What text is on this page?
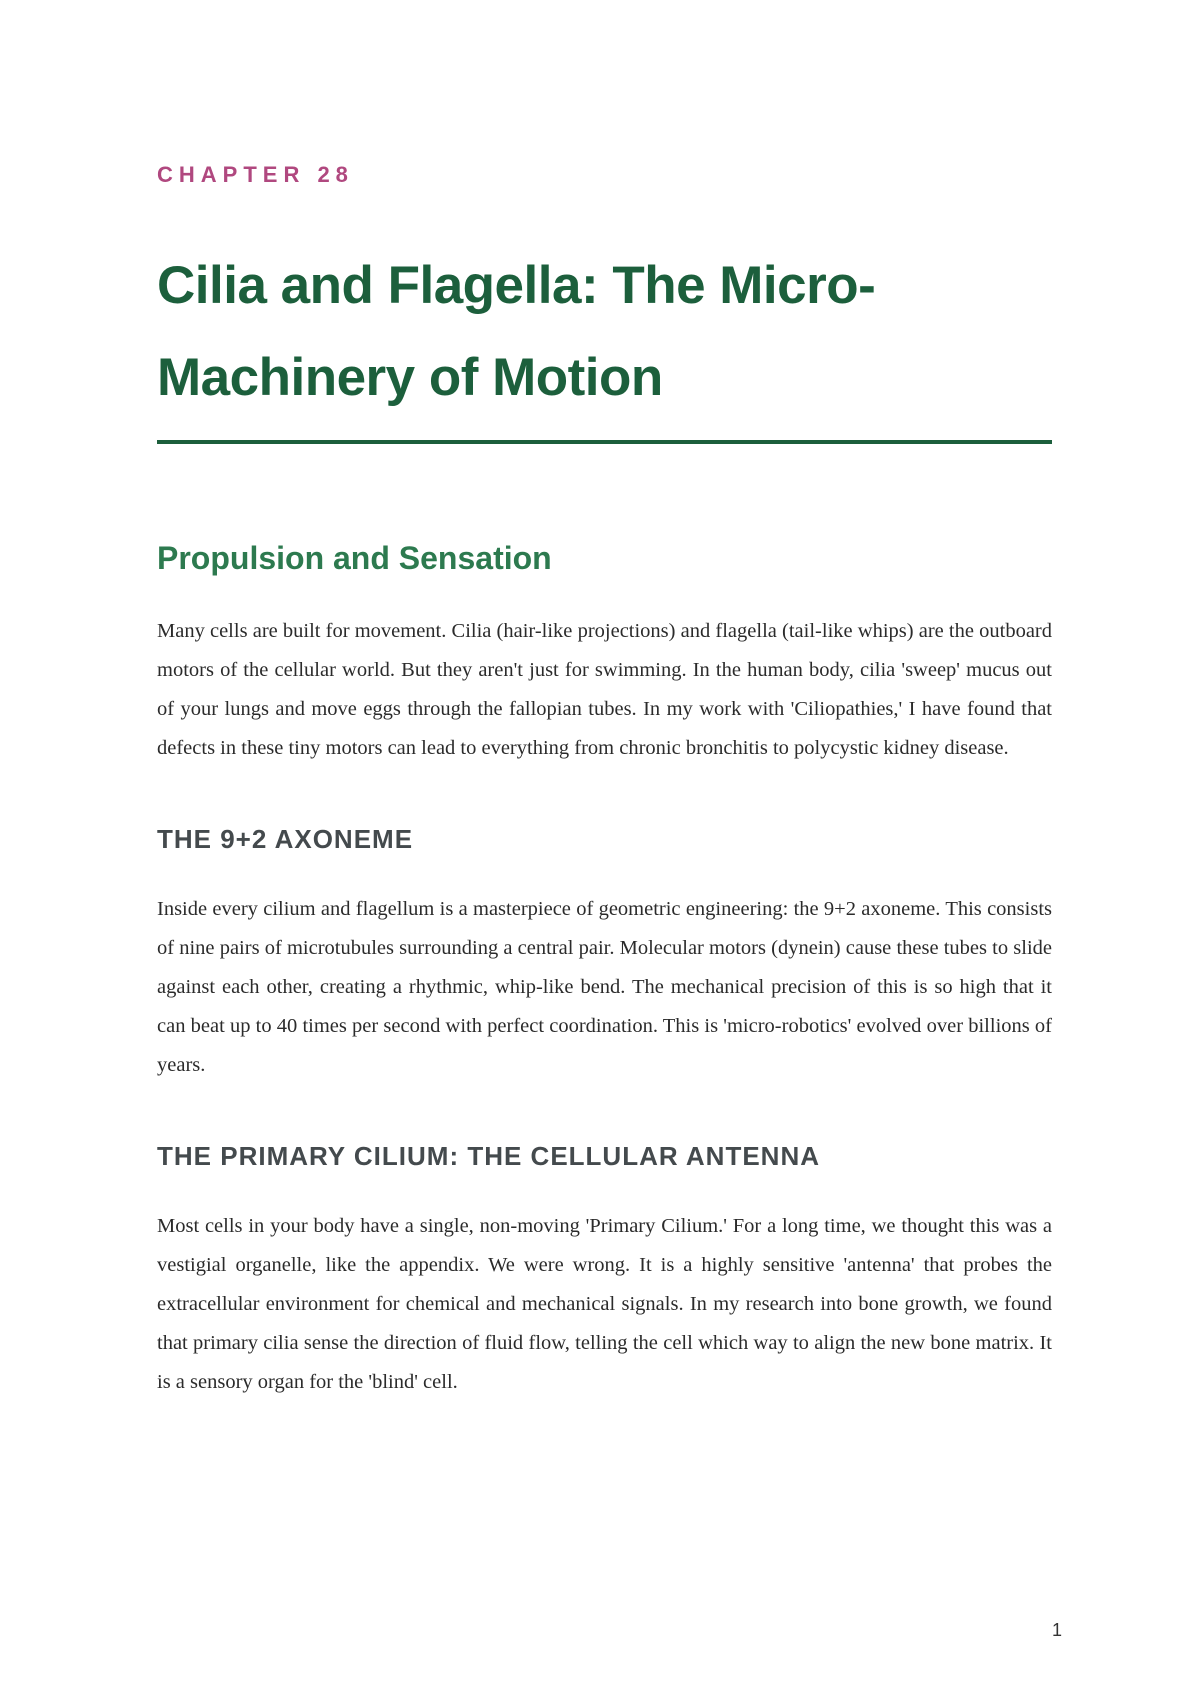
CHAPTER 28

Cilia and Flagella: The Micro-Machinery of Motion
Propulsion and Sensation

Many cells are built for movement. Cilia (hair-like projections) and flagella (tail-like whips) are the outboard motors of the cellular world. But they aren't just for swimming. In the human body, cilia 'sweep' mucus out of your lungs and move eggs through the fallopian tubes. In my work with 'Ciliopathies,' I have found that defects in these tiny motors can lead to everything from chronic bronchitis to polycystic kidney disease.

THE 9+2 AXONEME

Inside every cilium and flagellum is a masterpiece of geometric engineering: the 9+2 axoneme. This consists of nine pairs of microtubules surrounding a central pair. Molecular motors (dynein) cause these tubes to slide against each other, creating a rhythmic, whip-like bend. The mechanical precision of this is so high that it can beat up to 40 times per second with perfect coordination. This is 'micro-robotics' evolved over billions of years.

THE PRIMARY CILIUM: THE CELLULAR ANTENNA

Most cells in your body have a single, non-moving 'Primary Cilium.' For a long time, we thought this was a vestigial organelle, like the appendix. We were wrong. It is a highly sensitive 'antenna' that probes the extracellular environment for chemical and mechanical signals. In my research into bone growth, we found that primary cilia sense the direction of fluid flow, telling the cell which way to align the new bone matrix. It is a sensory organ for the 'blind' cell.

1
